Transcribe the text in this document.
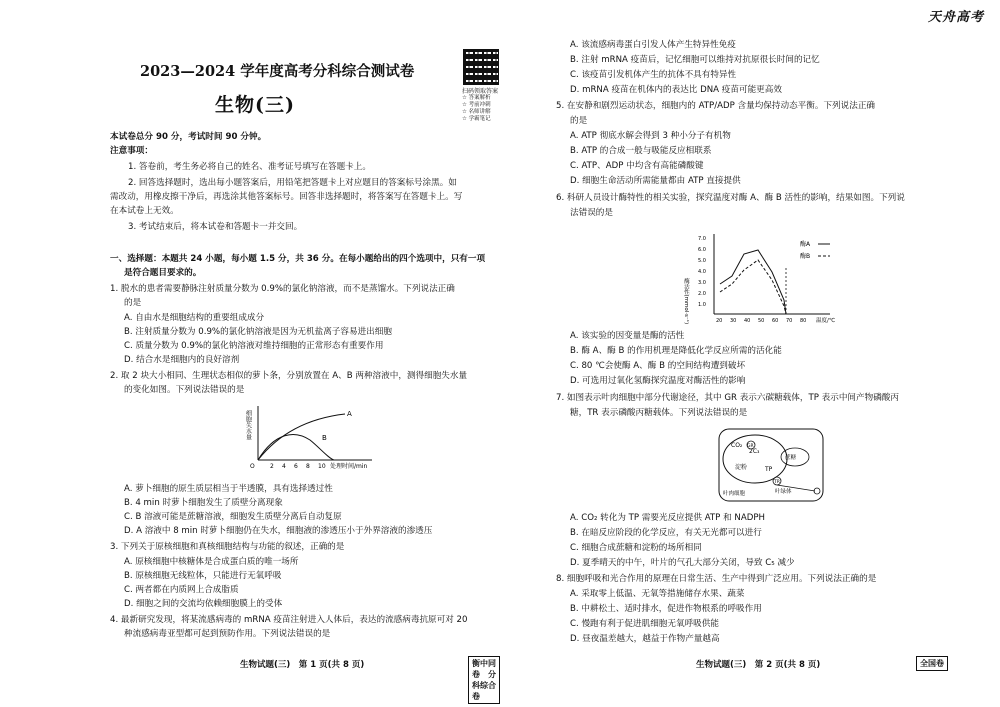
天舟高考
2023—2024 学年度高考分科综合测试卷
生物(三)
扫码领取答案
☆ 答案解析
☆ 考前冲刺
☆ 名师讲解
☆ 学霸笔记
本试卷总分 90 分，考试时间 90 分钟。
注意事项：
1. 答卷前，考生务必将自己的姓名、准考证号填写在答题卡上。
2. 回答选择题时，选出每小题答案后，用铅笔把答题卡上对应题目的答案标号涂黑。如
需改动，用橡皮擦干净后，再选涂其他答案标号。回答非选择题时，将答案写在答题卡上。写
在本试卷上无效。
3. 考试结束后，将本试卷和答题卡一并交回。
一、选择题：本题共 24 小题，每小题 1.5 分，共 36 分。在每小题给出的四个选项中，只有一项
是符合题目要求的。
1. 脱水的患者需要静脉注射质量分数为 0.9%的氯化钠溶液，而不是蒸馏水。下列说法正确
的是
A. 自由水是细胞结构的重要组成成分
B. 注射质量分数为 0.9%的氯化钠溶液是因为无机盐离子容易进出细胞
C. 质量分数为 0.9%的氯化钠溶液对维持细胞的正常形态有重要作用
D. 结合水是细胞内的良好溶剂
2. 取 2 块大小相同、生理状态相似的萝卜条，分别放置在 A、B 两种溶液中，测得细胞失水量
的变化如图。下列说法错误的是
细胞失水量
O	2 4 6 8 10 处理时间/min
A
B
A. 萝卜细胞的原生质层相当于半透膜，具有选择透过性
B. 4 min 时萝卜细胞发生了质壁分离现象
C. B 溶液可能是蔗糖溶液，细胞发生质壁分离后自动复原
D. A 溶液中 8 min 时萝卜细胞仍在失水，细胞液的渗透压小于外界溶液的渗透压
3. 下列关于原核细胞和真核细胞结构与功能的叙述，正确的是
A. 原核细胞中核糖体是合成蛋白质的唯一场所
B. 原核细胞无线粒体，只能进行无氧呼吸
C. 两者都在内质网上合成脂质
D. 细胞之间的交流均依赖细胞膜上的受体
4. 最新研究发现，将某流感病毒的 mRNA 疫苗注射进入人体后，表达的流感病毒抗原可对 20
种流感病毒亚型都可起到预防作用。下列说法错误的是
生物试题(三)　第 1 页(共 8 页)	衡中同卷　分科综合卷
A. 该流感病毒蛋白引发人体产生特异性免疫
B. 注射 mRNA 疫苗后，记忆细胞可以维持对抗原很长时间的记忆
C. 该疫苗引发机体产生的抗体不具有特异性
D. mRNA 疫苗在机体内的表达比 DNA 疫苗可能更高效
5. 在安静和剧烈运动状态，细胞内的 ATP/ADP 含量均保持动态平衡。下列说法正确
的是
A. ATP 彻底水解会得到 3 种小分子有机物
B. ATP 的合成一般与吸能反应相联系
C. ATP、ADP 中均含有高能磷酸键
D. 细胞生命活动所需能量都由 ATP 直接提供
6. 科研人员设计酶特性的相关实验，探究温度对酶 A、酶 B 活性的影响，结果如图。下列说
法错误的是
酶活性(mmol·s⁻¹) 1.0
2.0
3.0
4.0
5.0
6.0
7.0
20 30 40 50 60 70 80 温度/℃
酶A
酶B
A. 该实验的因变量是酶的活性
B. 酶 A、酶 B 的作用机理是降低化学反应所需的活化能
C. 80 ℃会使酶 A、酶 B 的空间结构遭到破坏
D. 可选用过氧化氢酶探究温度对酶活性的影响
7. 如图表示叶肉细胞中部分代谢途径，其中 GR 表示六碳糖载体，TP 表示中间产物磷酸丙
糖，TR 表示磷酸丙糖载体。下列说法错误的是
CO₂
2C₃
淀粉	TP
TR
蔗糖
GR
叶肉细胞	叶绿体
A. CO₂ 转化为 TP 需要光反应提供 ATP 和 NADPH
B. 在暗反应阶段的化学反应，有关无光都可以进行
C. 细胞合成蔗糖和淀粉的场所相同
D. 夏季晴天的中午，叶片的气孔大部分关闭，导致 C₅ 减少
8. 细胞呼吸和光合作用的原理在日常生活、生产中得到广泛应用。下列说法正确的是
A. 采取零上低温、无氧等措施储存水果、蔬菜
B. 中耕松土、适时排水，促进作物根系的呼吸作用
C. 慢跑有利于促进肌细胞无氧呼吸供能
D. 昼夜温差越大，越益于作物产量越高
生物试题(三)　第 2 页(共 8 页)	全国卷
